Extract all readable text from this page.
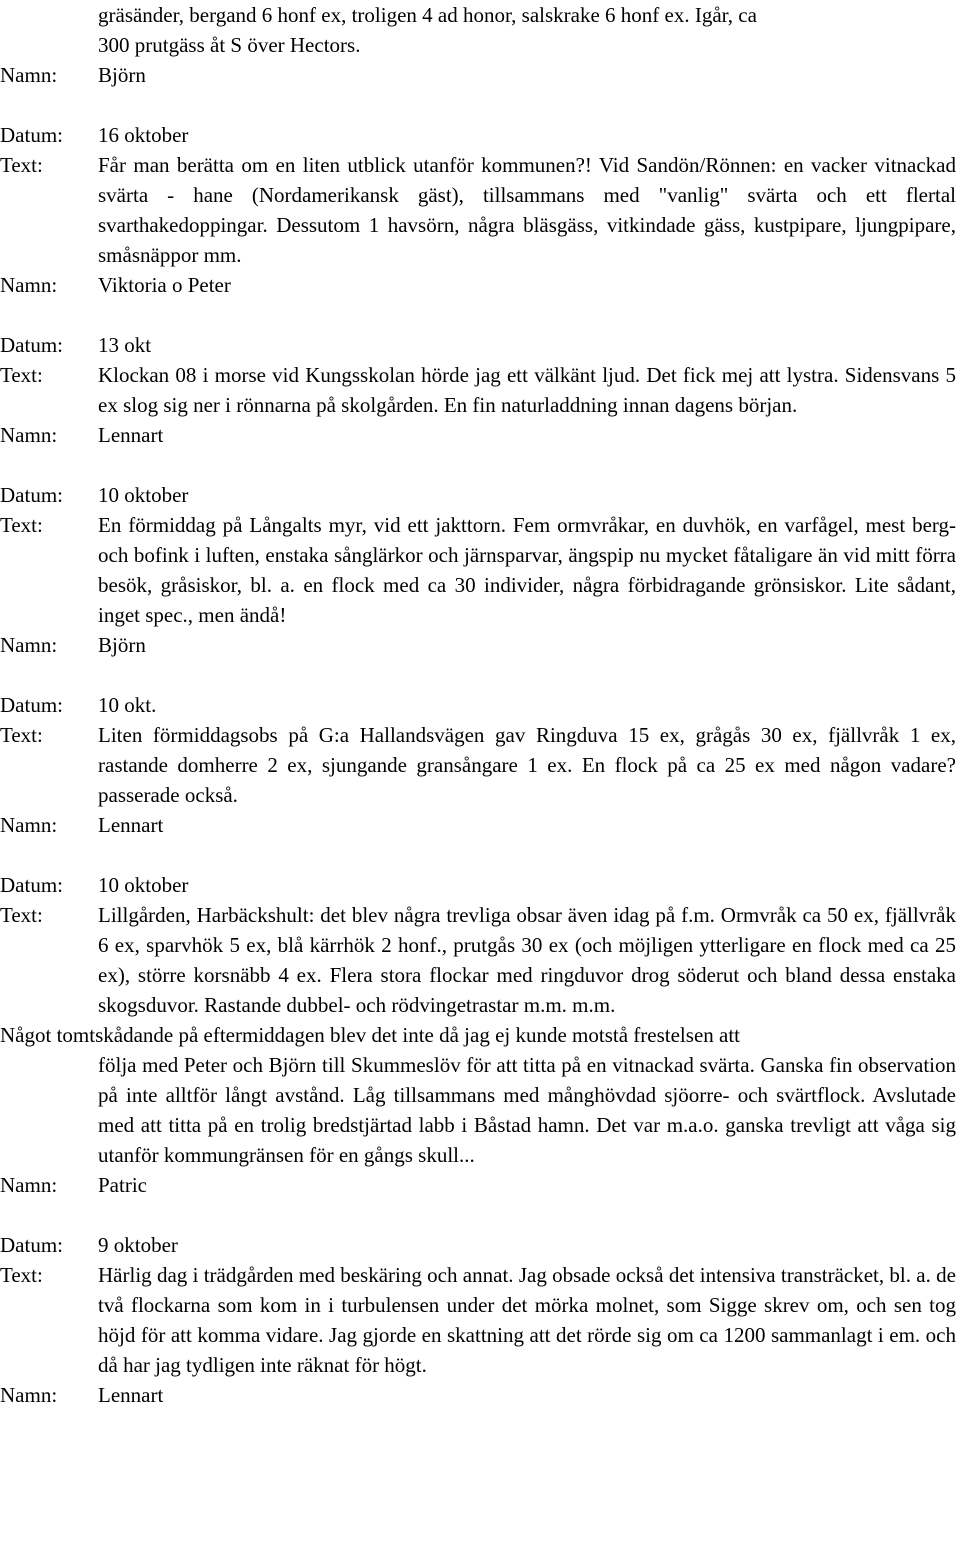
gräsänder, bergand 6 honf ex, troligen 4 ad honor, salskrake 6 honf ex. Igår, ca
300 prutgäss åt S över Hectors.
Namn:	Björn
Datum:	16 oktober
Text:	Får man berätta om en liten utblick utanför kommunen?! Vid Sandön/Rönnen: en vacker vitnackad svärta - hane (Nordamerikansk gäst), tillsammans med "vanlig" svärta och ett flertal svarthakedoppingar. Dessutom 1 havsörn, några bläsgäss, vitkindade gäss, kustpipare, ljungpipare, småsnäppor mm.
Namn:	Viktoria o Peter
Datum:	13 okt
Text:	Klockan 08 i morse vid Kungsskolan hörde jag ett välkänt ljud. Det fick mej att lystra. Sidensvans 5 ex slog sig ner i rönnarna på skolgården. En fin naturladdning innan dagens början.
Namn:	Lennart
Datum:	10 oktober
Text:	En förmiddag på Långalts myr, vid ett jakttorn. Fem ormvråkar, en duvhök, en varfågel, mest berg- och bofink i luften, enstaka sånglärkor och järnsparvar, ängspip nu mycket fåtaligare än vid mitt förra besök, gråsiskor, bl. a. en flock med ca 30 individer, några förbidragande grönsiskor. Lite sådant, inget spec., men ändå!
Namn:	Björn
Datum:	10 okt.
Text:	Liten förmiddagsobs på G:a Hallandsvägen gav Ringduva 15 ex, grågås 30 ex, fjällvråk 1 ex, rastande domherre 2 ex, sjungande gransångare 1 ex. En flock på ca 25 ex med någon vadare? passerade också.
Namn:	Lennart
Datum:	10 oktober
Text:	Lillgården, Harbäckshult: det blev några trevliga obsar även idag på f.m. Ormvråk ca 50 ex, fjällvråk 6 ex, sparvhök 5 ex, blå kärrhök 2 honf., prutgås 30 ex (och möjligen ytterligare en flock med ca 25 ex), större korsnäbb 4 ex. Flera stora flockar med ringduvor drog söderut och bland dessa enstaka skogsduvor. Rastande dubbel- och rödvingetrastar m.m. m.m.
Något tomtskådande på eftermiddagen blev det inte då jag ej kunde motstå frestelsen att
följa med Peter och Björn till Skummeslöv för att titta på en vitnackad svärta. Ganska fin observation på inte alltför långt avstånd. Låg tillsammans med månghövdad sjöorre- och svärtflock. Avslutade med att titta på en trolig bredstjärtad labb i Båstad hamn. Det var m.a.o. ganska trevligt att våga sig utanför kommungränsen för en gångs skull...
Namn:	Patric
Datum:	9 oktober
Text:	Härlig dag i trädgården med beskäring och annat. Jag obsade också det intensiva transträcket, bl. a. de två flockarna som kom in i turbulensen under det mörka molnet, som Sigge skrev om, och sen tog höjd för att komma vidare. Jag gjorde en skattning att det rörde sig om ca 1200 sammanlagt i em. och då har jag tydligen inte räknat för högt.
Namn:	Lennart
